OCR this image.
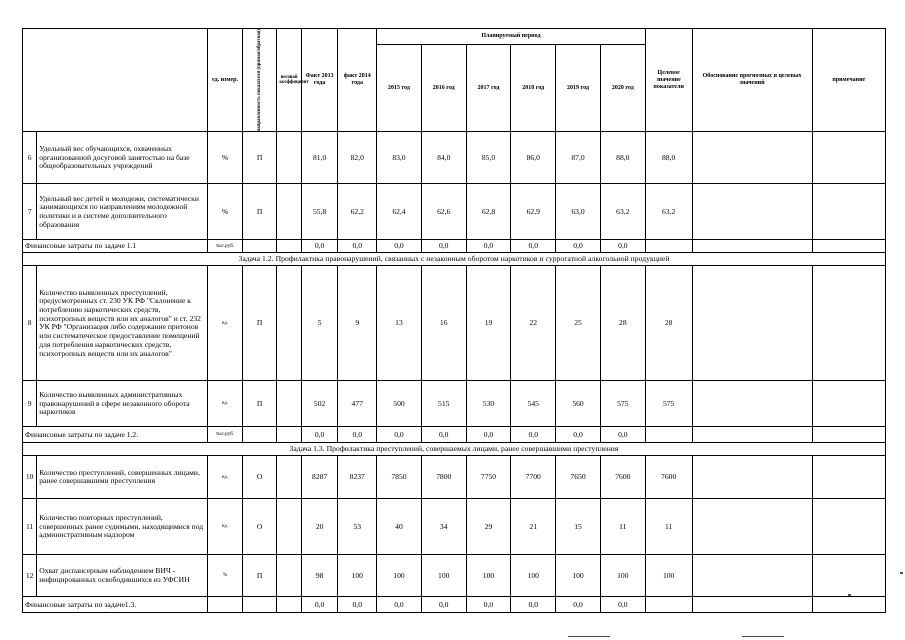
		ед. измер.	направленность показателя (прямая/обратная)	весовой коэффициент	Факт 2013 года	факт 2014 года	Планируемый период						Целевое значение показатели	Обоснование прогнозных и целевых значений	примечание
							2015 год	2016 год	2017 год	2018 год	2019 год	2020 год			
6	Удельный вес обучающихся, охваченных организованной досуговой занятостью на базе общеобразовательных учреждений	%	П		81,0	82,0	83,0	84,0	85,0	86,0	87,0	88,0	88,0		
7	Удельный вес детей и молодежи, систематически занимающихся по направлениям молодежной политики и в системе дополнительного образования	%	П		55,8	62,2	62,4	62,6	62,8	62,9	63,0	63,2	63,2		
Финансовые затраты по задаче 1.1		тыс.руб.			0,0	0,0	0,0	0,0	0,0	0,0	0,0	0,0			
Задача 1.2. Профилактика правонарушений, связанных с незаконным оборотом наркотиков и суррогатной алкогольной продукцией															
8	Количество выявленных преступлений, предусмотренных ст. 230 УК РФ "Склонение к потреблению наркотических средств, психотропных веществ или их аналогов" и ст. 232 УК РФ "Организация либо содержание притонов или систематическое предоставление помещений для потребления наркотических средств, психотропных веществ или их аналогов"	ед.	П		5	9	13	16	19	22	25	28	28		
9	Количество выявленных административных правонарушений в сфере незаконного оборота наркотиков	ед.	П		502	477	500	515	530	545	560	575	575		
Финансовые затраты по задаче 1.2.		тыс.руб.			0,0	0,0	0,0	0,0	0,0	0,0	0,0	0,0			
Задача 1.3. Профилактика преступлений, совершаемых лицами, ранее совершавшими преступления															
10	Количество преступлений, совершенных лицами, ранее совершавшими преступления	ед.	О		8287	8237	7850	7800	7750	7700	7650	7600	7600		
11	Количество повторных преступлений, совершенных ранее судимыми, находящимися под административным надзором	ед.	О		20	53	40	34	29	21	15	11	11		
12	Охват диспансерным наблюдением ВИЧ - инфицированных освободившихся из УФСИН	%	П		98	100	100	100	100	100	100	100	100		
Финансовые затраты по задаче1.3.					0,0	0,0	0,0	0,0	0,0	0,0	0,0	0,0			
